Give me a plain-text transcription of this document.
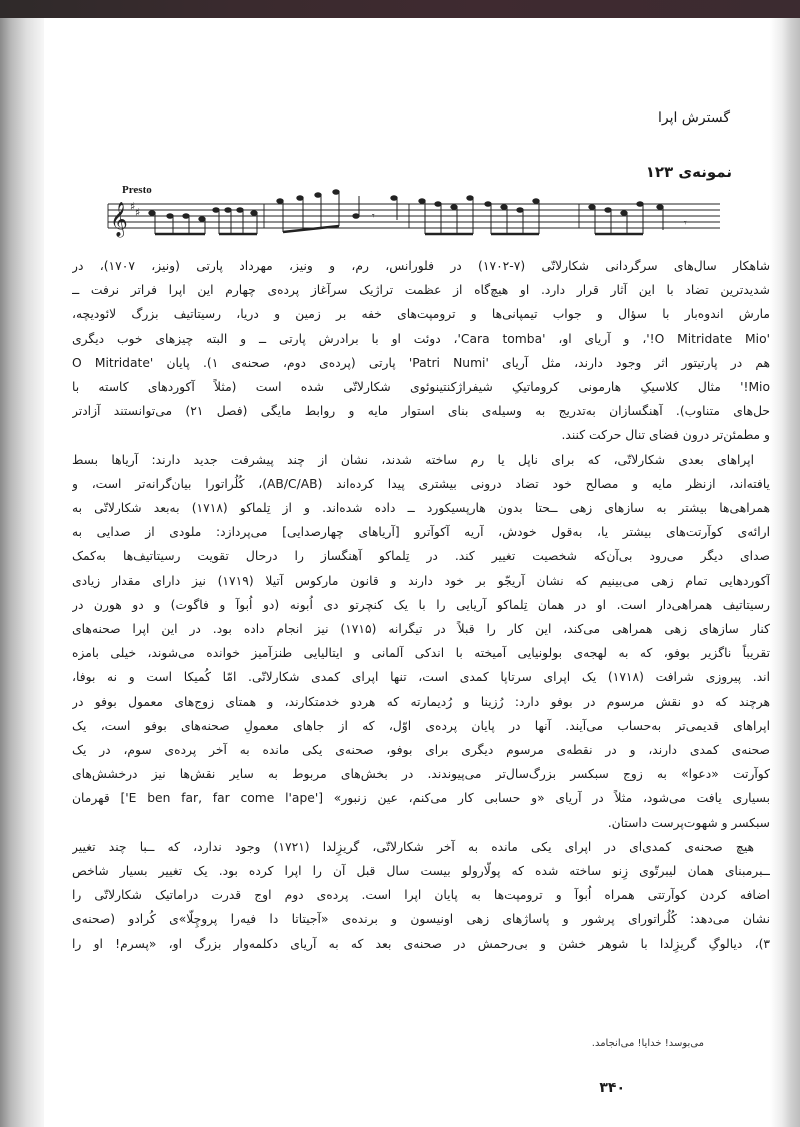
گسترش اپرا
نمونه‌ی ۱۲۳
Presto
𝄞 ♯ ♯	𝄾
𝄾
شاهکار سال‌های سرگردانی شکارلاتّی (۷-۱۷۰۲) در فلورانس، رم، و ونیز، مهرداد پارتی (ونیز، ۱۷۰۷)، در
شدیدترین تضاد با این آثار قرار دارد. او هیچ‌گاه از عظمت تراژیک سرآغاز پرده‌ی چهارم این اپرا فراتر نرفت ــ
مارش اندوه‌بار با سؤال و جواب تیمپانی‌ها و ترومپت‌های خفه بر زمین و دریا، رسیتاتیف بزرگ لائودیچه،
'O Mitridate Mio!'، و آریای او، 'Cara tomba'، دوئت او با برادرش پارتی ــ و البته چیزهای خوب دیگری
هم در پارتیتور اثر وجود دارند، مثل آریای 'Patri Numi' پارتی (پرده‌ی دوم، صحنه‌ی ۱). پایان 'O Mitridate
Mio!' مثال کلاسیکِ هارمونی کروماتیکِ شیفراژکنتینوئوی شکارلاتّی شده است (مثلاً آکوردهای کاسته با
حل‌های متناوب). آهنگسازان به‌تدریج به وسیله‌ی بنای استوار مایه و روابط مایگی (فصل ۲۱) می‌توانستند آزادتر
و مطمئن‌تر درون فضای تنال حرکت کنند.
اپراهای بعدی شکارلاتّی، که برای ناپل یا رم ساخته شدند، نشان از چند پیشرفت جدید دارند: آریاها بسط
یافته‌اند، ازنظر مایه و مصالح خود تضاد درونی بیشتری پیدا کرده‌اند (AB/C/AB)، کُلُراتورا بیان‌گرانه‌تر است، و
همراهی‌ها بیشتر به سازهای زهی ــحتا بدون هارپسیکورد ــ داده شده‌اند. و از تِلماکو (۱۷۱۸) به‌بعد شکارلاتّی به
ارائه‌ی کوآرتت‌های بیشتر یا، به‌قول خودش، آریه آکوآترو [آریاهای چهارصدایی] می‌پردازد: ملودی از صدایی به
صدای دیگر می‌رود بی‌آن‌که شخصیت تغییر کند. در تِلماکو آهنگساز را درحال تقویت رسیتاتیف‌ها به‌کمک
آکوردهایی تمام زهی می‌بینیم که نشان آریجّو بر خود دارند و قانون مارکوس آتیلا (۱۷۱۹) نیز دارای مقدار زیادی
رسیتاتیف همراهی‌دار است. او در همان تِلماکو آریایی را با یک کنچرتو دی اُبونه (دو اُبوآ و فاگوت) و دو هورن در
کنار سازهای زهی همراهی می‌کند، این کار را قبلاً در تیگرانه (۱۷۱۵) نیز انجام داده بود. در این اپرا صحنه‌های
تقریباً ناگزیر بوفو، که به لهجه‌ی بولونیایی آمیخته با اندکی آلمانی و ایتالیایی طنزآمیز خوانده می‌شوند، خیلی بامزه
اند. پیروزی شرافت (۱۷۱۸) یک اپرای سرتاپا کمدی است، تنها اپرای کمدی شکارلاتّی. امّا کُمیکا است و نه بوفا،
هرچند که دو نقش مرسوم در بوفو دارد: رُزینا و رُدیمارته که هردو خدمتکارند، و همتای زوج‌های معمول بوفو در
اپراهای قدیمی‌تر به‌حساب می‌آیند. آنها در پایان پرده‌ی اوّل، که از جاهای معمولِ صحنه‌های بوفو است، یک
صحنه‌ی کمدی دارند، و در نقطه‌ی مرسوم دیگری برای بوفو، صحنه‌ی یکی مانده به آخر پرده‌ی سوم، در یک
کوآرتت «دعوا» به زوج سبکسر بزرگ‌سال‌تر می‌پیوندند. در بخش‌های مربوط به سایر نقش‌ها نیز درخشش‌های
بسیاری یافت می‌شود، مثلاً در آریای «و حسابی کار می‌کنم، عین زنبور» ['E ben far, far come l'ape'] قهرمان
سبکسر و شهوت‌پرست داستان.
هیچ صحنه‌ی کمدی‌ای در اپرای یکی مانده به آخر شکارلاتّی، گریزِلدا (۱۷۲۱) وجود ندارد، که ــبا چند تغییر
ــبرمبنای همان لیبرتّوی زِنو ساخته شده که پولّارولو بیست سال قبل آن را اپرا کرده بود. یک تغییر بسیار شاخص
اضافه کردن کوآرتتی همراه اُبوآ و ترومپت‌ها به پایان اپرا است. پرده‌ی دوم اوج قدرت دراماتیک شکارلاتّی را
نشان می‌دهد: کُلُراتورای پرشور و پاساژهای زهی اونیسون و برنده‌ی «آجیتاتا دا فیه‌را پروچِلّا»ی کُرادو (صحنه‌ی
۳)، دیالوگِ گریزِلدا با شوهر خشن و بی‌رحمش در صحنه‌ی بعد که به آریای دکلمه‌وار بزرگ او، «پسرم! او را
می‌بوسد! خدایا! می‌انجامد.
۳۴۰
